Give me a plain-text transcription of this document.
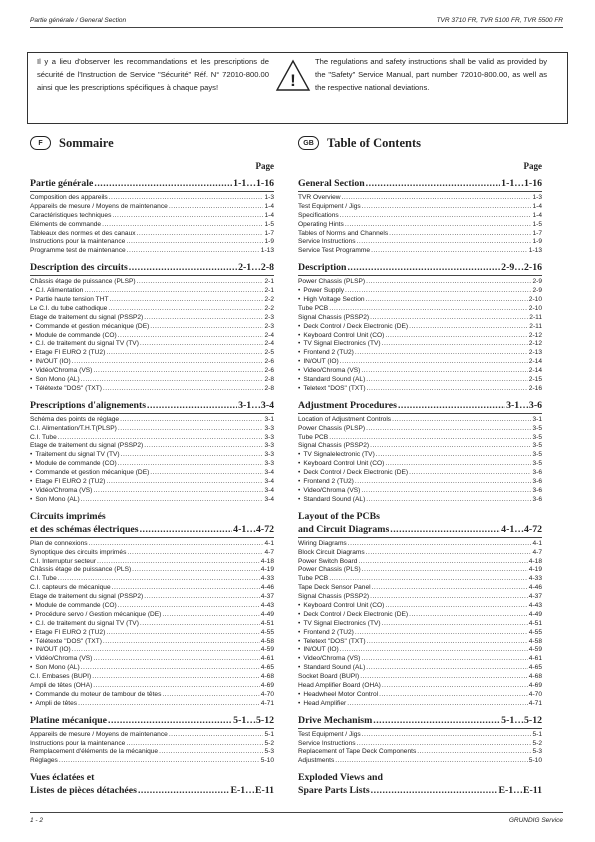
Partie générale / General Section	TVR 3710 FR, TVR 5100 FR, TVR 5500 FR
Il y a lieu d'observer les recommandations et les prescriptions de sécurité de l'Instruction de Service "Sécurité" Réf. N° 72010-800.00 ainsi que les prescriptions spécifiques à chaque pays!	!
The regulations and safety instructions shall be valid as provided by the "Safety" Service Manual, part number 72010-800.00, as well as the respective national deviations.
F	Sommaire
Page
Partie générale .....	1-1…1-16
Composition des appareils .....	1-3
Appareils de mesure / Moyens de maintenance .....	1-4
Caractéristiques techniques .....	1-4
Eléments de commande .....	1-5
Tableaux des normes et des canaux .....	1-7
Instructions pour la maintenance .....	1-9
Programme test de maintenance .....	1-13
Description des circuits .....	2-1…2-8
Châssis étage de puissance (PLSP) .....	2-1
• C.I. Alimentation .....	2-1
• Partie haute tension THT .....	2-2
Le C.I. du tube cathodique .....	2-2
Etage de traitement du signal (PSSP2) .....	2-3
• Commande et gestion mécanique (DE) .....	2-3
• Module de commande (CO) .....	2-4
• C.I. de traitement du signal TV (TV) .....	2-4
• Etage FI EURO 2 (TU2) .....	2-5
• IN/OUT (IO) .....	2-6
• Vidéo/Chroma (VS) .....	2-6
• Son Mono (AL) .....	2-8
• Télétexte "DOS" (TXT) .....	2-8
Prescriptions d'alignements .....	3-1…3-4
Schéma des points de réglage .....	3-1
C.I. Alimentation/T.H.T(PLSP) .....	3-3
C.I. Tube .....	3-3
Etage de traitement du signal (PSSP2) .....	3-3
• Traitement du signal TV (TV) .....	3-3
• Module de commande (CO) .....	3-3
• Commande et gestion mécanique (DE) .....	3-4
• Etage FI EURO 2 (TU2) .....	3-4
• Vidéo/Chroma (VS) .....	3-4
• Son Mono (AL) .....	3-4
Circuits imprimés
et des schémas électriques .....	4-1…4-72
Plan de connexions .....	4-1
Synoptique des circuits imprimés .....	4-7
C.I. Interruptur secteur .....	4-18
Châssis étage de puissance (PLS) .....	4-19
C.I. Tube .....	4-33
C.I. capteurs de mécanique .....	4-46
Etage de traitement du signal (PSSP2) .....	4-37
• Module de commande (CO) .....	4-43
• Procédure servo / Gestion mécanique (DE) .....	4-49
• C.I. de traitement du signal TV (TV) .....	4-51
• Etage FI EURO 2 (TU2) .....	4-55
• Télétexte "DOS" (TXT) .....	4-58
• IN/OUT (IO) .....	4-59
• Vidéo/Chroma (VS) .....	4-61
• Son Mono (AL) .....	4-65
C.I. Embases (BUPI) .....	4-68
Ampli de têtes (OHA) .....	4-69
• Commande du moteur de tambour de têtes .....	4-70
• Ampli de têtes .....	4-71
Platine mécanique .....	5-1…5-12
Appareils de mesure / Moyens de maintenance .....	5-1
Instructions pour la maintenance .....	5-2
Remplacement d'éléments de la mécanique .....	5-3
Réglages .....	5-10
Vues éclatées et
Listes de pièces détachées .....	E-1…E-11
GB	Table of Contents
Page
General Section .....	1-1…1-16
TVR Overview .....	1-3
Test Equipment / Jigs .....	1-4
Specifications .....	1-4
Operating Hints .....	1-5
Tables of Norms and Channels .....	1-7
Service Instructions .....	1-9
Service Test Programme .....	1-13
Description .....	2-9…2-16
Power Chassis (PLSP) .....	2-9
• Power Supply .....	2-9
• High Voltage Section .....	2-10
Tube PCB .....	2-10
Signal Chassis (PSSP2) .....	2-11
• Deck Control / Deck Electronic (DE) .....	2-11
• Keyboard Control Unit (CO) .....	2-12
• TV Signal Electronics (TV) .....	2-12
• Frontend 2 (TU2) .....	2-13
• IN/OUT (IO) .....	2-14
• Video/Chroma (VS) .....	2-14
• Standard Sound (AL) .....	2-15
• Teletext "DOS" (TXT) .....	2-16
Adjustment Procedures .....	3-1…3-6
Location of Adjustment Controls .....	3-1
Power Chassis (PLSP) .....	3-5
Tube PCB .....	3-5
Signal Chassis (PSSP2) .....	3-5
• TV Signalelectronic (TV) .....	3-5
• Keyboard Control Unit (CO) .....	3-5
• Deck Control / Deck Electronic (DE) .....	3-6
• Frontend 2 (TU2) .....	3-6
• Video/Chroma (VS) .....	3-6
• Standard Sound (AL) .....	3-6
Layout of the PCBs
and Circuit Diagrams .....	4-1…4-72
Wiring Diagrams .....	4-1
Block Circuit Diagrams .....	4-7
Power Switch Board .....	4-18
Power Chassis (PLS) .....	4-19
Tube PCB .....	4-33
Tape Deck Sensor Panel .....	4-46
Signal Chassis (PSSP2) .....	4-37
• Keyboard Control Unit (CO) .....	4-43
• Deck Control / Deck Electronic (DE) .....	4-49
• TV Signal Electronics (TV) .....	4-51
• Frontend 2 (TU2) .....	4-55
• Teletext "DOS" (TXT) .....	4-58
• IN/OUT (IO) .....	4-59
• Video/Chroma (VS) .....	4-61
• Standard Sound (AL) .....	4-65
Socket Board (BUPI) .....	4-68
Head Amplifier Board (OHA) .....	4-69
• Headwheel Motor Control .....	4-70
• Head Amplifier .....	4-71
Drive Mechanism .....	5-1…5-12
Test Equipment / Jigs .....	5-1
Service Instructions .....	5-2
Replacement of Tape Deck Components .....	5-3
Adjustments .....	5-10
Exploded Views and
Spare Parts Lists .....	E-1…E-11
1 - 2	GRUNDIG Service
